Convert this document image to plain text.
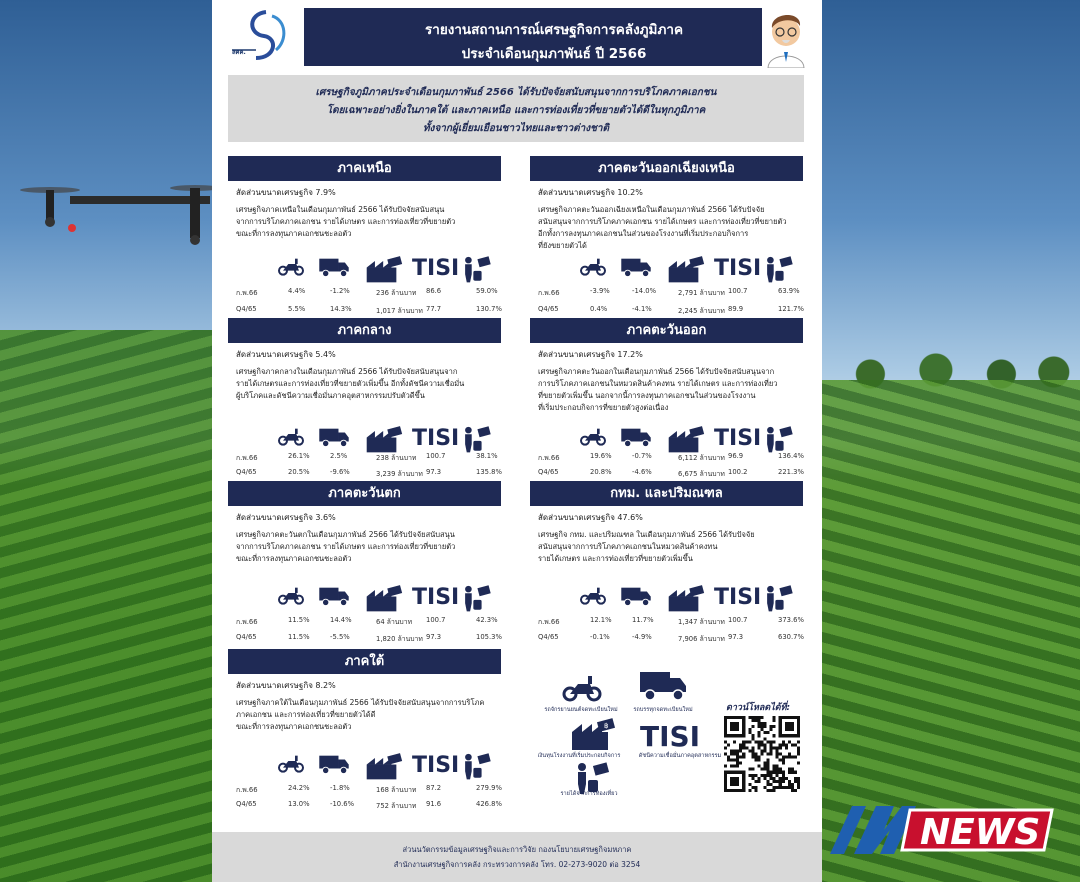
สศค.
รายงานสถานการณ์เศรษฐกิจการคลังภูมิภาค
ประจำเดือนกุมภาพันธ์ ปี 2566
เศรษฐกิจภูมิภาคประจำเดือนกุมภาพันธ์ 2566 ได้รับปัจจัยสนับสนุนจากการบริโภคภาคเอกชน
โดยเฉพาะอย่างยิ่งในภาคใต้ และภาคเหนือ และการท่องเที่ยวที่ขยายตัวได้ดีในทุกภูมิภาค
ทั้งจากผู้เยี่ยมเยือนชาวไทยและชาวต่างชาติ
ภาคเหนือ
สัดส่วนขนาดเศรษฐกิจ 7.9%
เศรษฐกิจภาคเหนือในเดือนกุมภาพันธ์ 2566 ได้รับปัจจัยสนับสนุน
จากการบริโภคภาคเอกชน รายได้เกษตร และการท่องเที่ยวที่ขยายตัว
ขณะที่การลงทุนภาคเอกชนชะลอตัว
TISI
ก.พ.66	4.4%	-1.2%	236 ล้านบาท 86.6	59.0%
Q4/65	5.5%	14.3%	1,017 ล้านบาท 77.7	130.7%
ภาคตะวันออกเฉียงเหนือ
สัดส่วนขนาดเศรษฐกิจ 10.2%
เศรษฐกิจภาคตะวันออกเฉียงเหนือในเดือนกุมภาพันธ์ 2566 ได้รับปัจจัย
สนับสนุนจากการบริโภคภาคเอกชน รายได้เกษตร และการท่องเที่ยวที่ขยายตัว
อีกทั้งการลงทุนภาคเอกชนในส่วนของโรงงานที่เริ่มประกอบกิจการ
ที่ยังขยายตัวได้
TISI
ก.พ.66	-3.9%	-14.0%	2,791 ล้านบาท 100.7	63.9%
Q4/65	0.4%	-4.1%	2,245 ล้านบาท 89.9	121.7%
ภาคกลาง
สัดส่วนขนาดเศรษฐกิจ 5.4%
เศรษฐกิจภาคกลางในเดือนกุมภาพันธ์ 2566 ได้รับปัจจัยสนับสนุนจาก
รายได้เกษตรและการท่องเที่ยวที่ขยายตัวเพิ่มขึ้น อีกทั้งดัชนีความเชื่อมั่น
ผู้บริโภคและดัชนีความเชื่อมั่นภาคอุตสาหกรรมปรับตัวดีขึ้น
TISI
ก.พ.66	26.1%	2.5%	238 ล้านบาท 100.7	38.1%
Q4/65	20.5%	-9.6%	3,239 ล้านบาท 97.3	135.8%
ภาคตะวันออก
สัดส่วนขนาดเศรษฐกิจ 17.2%
เศรษฐกิจภาคตะวันออกในเดือนกุมภาพันธ์ 2566 ได้รับปัจจัยสนับสนุนจาก
การบริโภคภาคเอกชนในหมวดสินค้าคงทน รายได้เกษตร และการท่องเที่ยว
ที่ขยายตัวเพิ่มขึ้น นอกจากนี้การลงทุนภาคเอกชนในส่วนของโรงงาน
ที่เริ่มประกอบกิจการที่ขยายตัวสูงต่อเนื่อง
TISI
ก.พ.66	19.6%	-0.7%	6,112 ล้านบาท 96.9	136.4%
Q4/65	20.8%	-4.6%	6,675 ล้านบาท 100.2	221.3%
ภาคตะวันตก
สัดส่วนขนาดเศรษฐกิจ 3.6%
เศรษฐกิจภาคตะวันตกในเดือนกุมภาพันธ์ 2566 ได้รับปัจจัยสนับสนุน
จากการบริโภคภาคเอกชน รายได้เกษตร และการท่องเที่ยวที่ขยายตัว
ขณะที่การลงทุนภาคเอกชนชะลอตัว
TISI
ก.พ.66	11.5%	14.4%	64 ล้านบาท 100.7	42.3%
Q4/65	11.5%	-5.5%	1,820 ล้านบาท 97.3	105.3%
กทม. และปริมณฑล
สัดส่วนขนาดเศรษฐกิจ 47.6%
เศรษฐกิจ กทม. และปริมณฑล ในเดือนกุมภาพันธ์ 2566 ได้รับปัจจัย
สนับสนุนจากการบริโภคภาคเอกชนในหมวดสินค้าคงทน
รายได้เกษตร และการท่องเที่ยวที่ขยายตัวเพิ่มขึ้น
TISI
ก.พ.66	12.1%	11.7%	1,347 ล้านบาท 100.7	373.6%
Q4/65	-0.1%	-4.9%	7,906 ล้านบาท 97.3	630.7%
ภาคใต้
สัดส่วนขนาดเศรษฐกิจ 8.2%
เศรษฐกิจภาคใต้ในเดือนกุมภาพันธ์ 2566 ได้รับปัจจัยสนับสนุนจากการบริโภค
ภาคเอกชน และการท่องเที่ยวที่ขยายตัวได้ดี
ขณะที่การลงทุนภาคเอกชนชะลอตัว
TISI
ก.พ.66	24.2%	-1.8%	168 ล้านบาท 87.2	279.9%
Q4/65	13.0%	-10.6%	752 ล้านบาท 91.6	426.8%
รถจักรยานยนต์จดทะเบียนใหม่	รถบรรทุกจดทะเบียนใหม่
฿
เงินทุนโรงงานที่เริ่มประกอบกิจการ
TISI
ดัชนีความเชื่อมั่นภาคอุตสาหกรรม
รายได้จากการท่องเที่ยว
ดาวน์โหลดได้ที่:
ส่วนนวัตกรรมข้อมูลเศรษฐกิจและการวิจัย กองนโยบายเศรษฐกิจมหภาค
สำนักงานเศรษฐกิจการคลัง กระทรวงการคลัง โทร. 02-273-9020 ต่อ 3254
NEWS
